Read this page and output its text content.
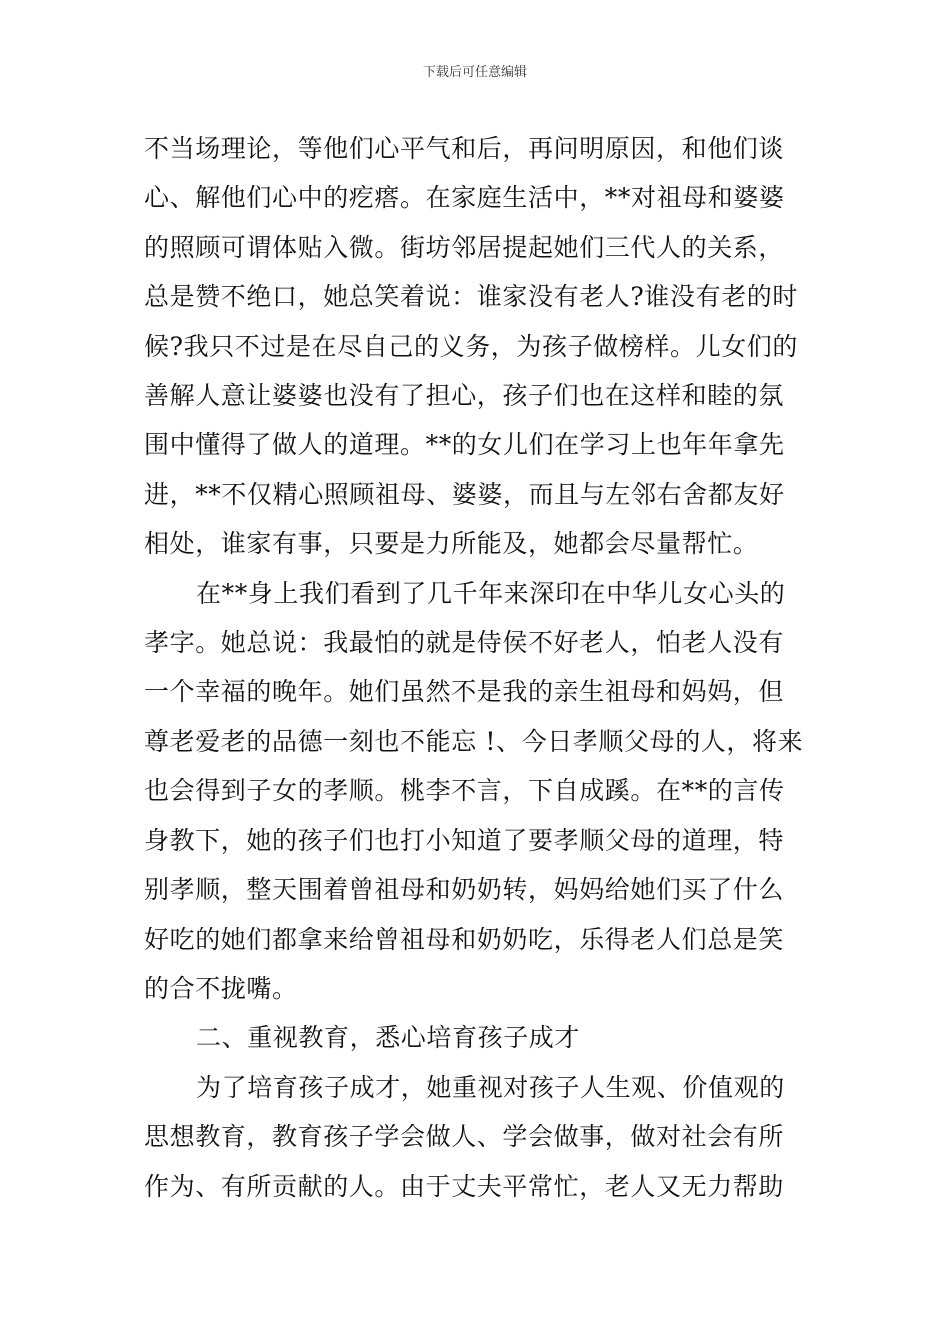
下载后可任意编辑

不当场理论，等他们心平气和后，再问明原因，和他们谈心、解他们心中的疙瘩。在家庭生活中，**对祖母和婆婆的照顾可谓体贴入微。街坊邻居提起她们三代人的关系，总是赞不绝口，她总笑着说：谁家没有老人?谁没有老的时候?我只不过是在尽自己的义务，为孩子做榜样。儿女们的善解人意让婆婆也没有了担心，孩子们也在这样和睦的氛围中懂得了做人的道理。**的女儿们在学习上也年年拿先进，**不仅精心照顾祖母、婆婆，而且与左邻右舍都友好相处，谁家有事，只要是力所能及，她都会尽量帮忙。

在**身上我们看到了几千年来深印在中华儿女心头的孝字。她总说：我最怕的就是侍侯不好老人，怕老人没有一个幸福的晚年。她们虽然不是我的亲生祖母和妈妈，但尊老爱老的品德一刻也不能忘 !、今日孝顺父母的人，将来也会得到子女的孝顺。桃李不言，下自成蹊。在**的言传身教下，她的孩子们也打小知道了要孝顺父母的道理，特别孝顺，整天围着曾祖母和奶奶转，妈妈给她们买了什么好吃的她们都拿来给曾祖母和奶奶吃，乐得老人们总是笑的合不拢嘴。

二、重视教育，悉心培育孩子成才

为了培育孩子成才，她重视对孩子人生观、价值观的思想教育，教育孩子学会做人、学会做事，做对社会有所作为、有所贡献的人。由于丈夫平常忙，老人又无力帮助
